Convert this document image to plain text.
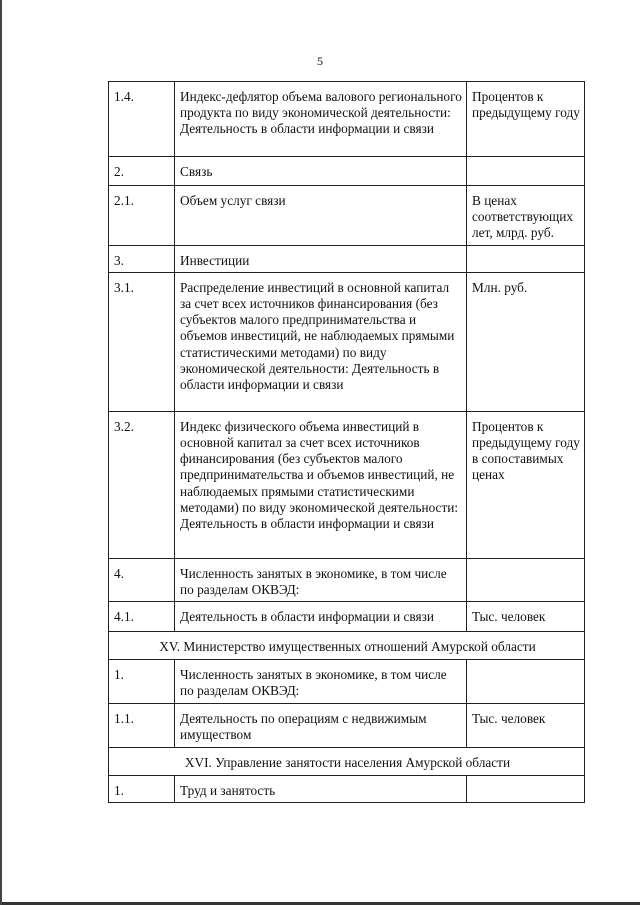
5
1.4.	Индекс-дефлятор объема валового регионального продукта по виду экономической деятельности: Деятельность в области информации и связи	Процентов к предыдущему году
2.	Связь	
2.1.	Объем услуг связи	В ценах соответствующих лет, млрд. руб.
3.	Инвестиции	
3.1.	Распределение инвестиций в основной капитал за счет всех источников финансирования (без субъектов малого предпринимательства и объемов инвестиций, не наблюдаемых прямыми статистическими методами) по виду экономической деятельности: Деятельность в области информации и связи	Млн. руб.
3.2.	Индекс физического объема инвестиций в основной капитал за счет всех источников финансирования (без субъектов малого предпринимательства и объемов инвестиций, не наблюдаемых прямыми статистическими методами) по виду экономической деятельности: Деятельность в области информации и связи	Процентов к предыдущему году в сопоставимых ценах
4.	Численность занятых в экономике, в том числе по разделам ОКВЭД:	
4.1.	Деятельность в области информации и связи	Тыс. человек
XV. Министерство имущественных отношений Амурской области		
1.	Численность занятых в экономике, в том числе по разделам ОКВЭД:	
1.1.	Деятельность по операциям с недвижимым имуществом	Тыс. человек
XVI. Управление занятости населения Амурской области		
1.	Труд и занятость	
